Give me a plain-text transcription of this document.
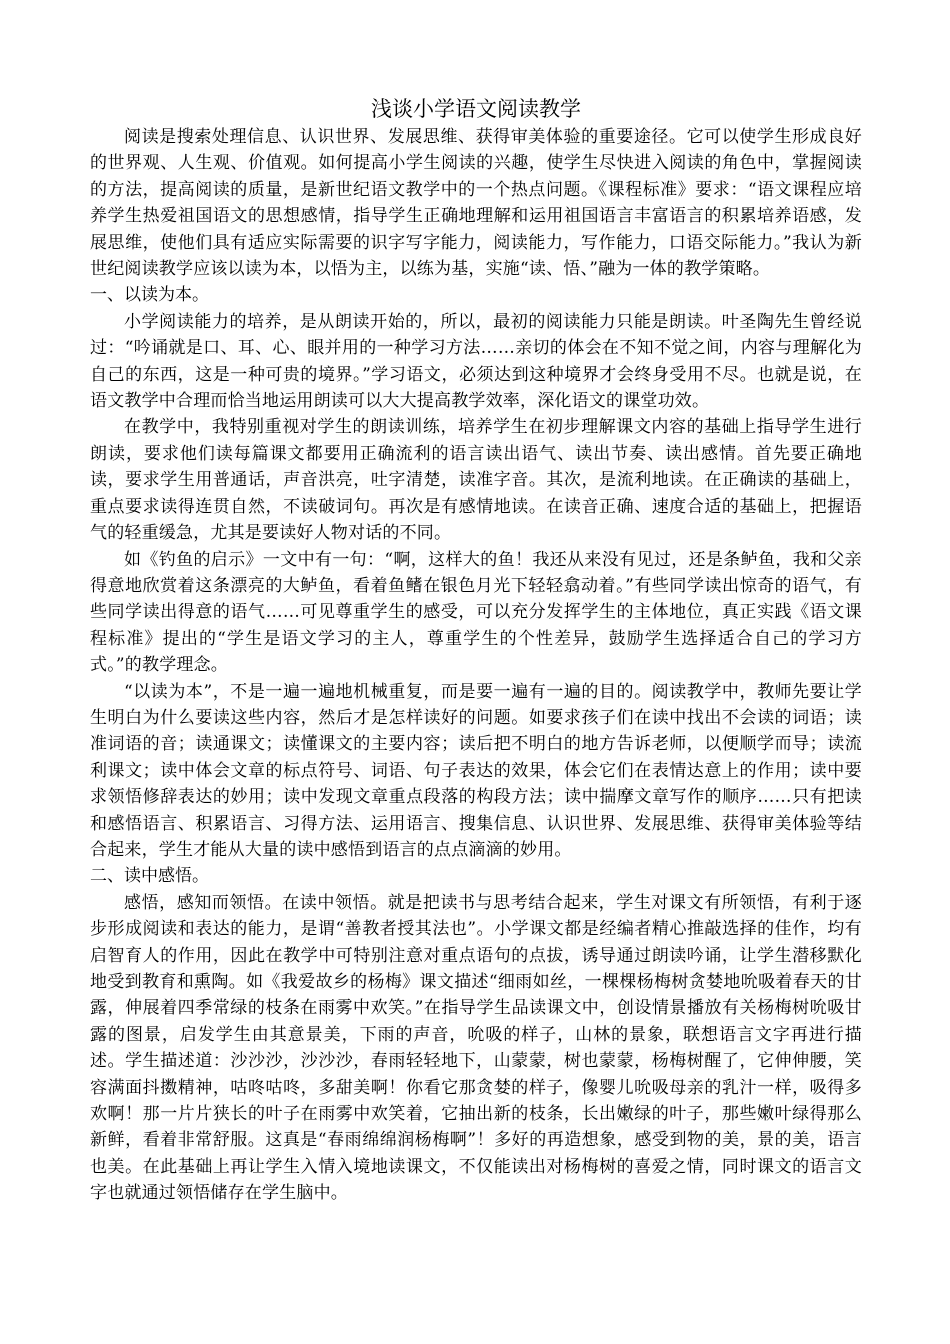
浅谈小学语文阅读教学

阅读是搜索处理信息、认识世界、发展思维、获得审美体验的重要途径。它可以使学生形成良好的世界观、人生观、价值观。如何提高小学生阅读的兴趣，使学生尽快进入阅读的角色中，掌握阅读的方法，提高阅读的质量，是新世纪语文教学中的一个热点问题。《课程标准》要求：“语文课程应培养学生热爱祖国语文的思想感情，指导学生正确地理解和运用祖国语言丰富语言的积累培养语感，发展思维，使他们具有适应实际需要的识字写字能力，阅读能力，写作能力，口语交际能力。”我认为新世纪阅读教学应该以读为本，以悟为主，以练为基，实施“读、悟、”融为一体的教学策略。

一、以读为本。

小学阅读能力的培养，是从朗读开始的，所以，最初的阅读能力只能是朗读。叶圣陶先生曾经说过：“吟诵就是口、耳、心、眼并用的一种学习方法……亲切的体会在不知不觉之间，内容与理解化为自己的东西，这是一种可贵的境界。”学习语文，必须达到这种境界才会终身受用不尽。也就是说，在语文教学中合理而恰当地运用朗读可以大大提高教学效率，深化语文的课堂功效。

在教学中，我特别重视对学生的朗读训练，培养学生在初步理解课文内容的基础上指导学生进行朗读，要求他们读每篇课文都要用正确流利的语言读出语气、读出节奏、读出感情。首先要正确地读，要求学生用普通话，声音洪亮，吐字清楚，读准字音。其次，是流利地读。在正确读的基础上，重点要求读得连贯自然，不读破词句。再次是有感情地读。在读音正确、速度合适的基础上，把握语气的轻重缓急，尤其是要读好人物对话的不同。

如《钓鱼的启示》一文中有一句：“啊，这样大的鱼！我还从来没有见过，还是条鲈鱼，我和父亲得意地欣赏着这条漂亮的大鲈鱼，看着鱼鳍在银色月光下轻轻翕动着。”有些同学读出惊奇的语气，有些同学读出得意的语气……可见尊重学生的感受，可以充分发挥学生的主体地位，真正实践《语文课程标准》提出的“学生是语文学习的主人，尊重学生的个性差异，鼓励学生选择适合自己的学习方式。”的教学理念。

“以读为本”，不是一遍一遍地机械重复，而是要一遍有一遍的目的。阅读教学中，教师先要让学生明白为什么要读这些内容，然后才是怎样读好的问题。如要求孩子们在读中找出不会读的词语；读准词语的音；读通课文；读懂课文的主要内容；读后把不明白的地方告诉老师，以便顺学而导；读流利课文；读中体会文章的标点符号、词语、句子表达的效果，体会它们在表情达意上的作用；读中要求领悟修辞表达的妙用；读中发现文章重点段落的构段方法；读中揣摩文章写作的顺序……只有把读和感悟语言、积累语言、习得方法、运用语言、搜集信息、认识世界、发展思维、获得审美体验等结合起来，学生才能从大量的读中感悟到语言的点点滴滴的妙用。

二、读中感悟。

感悟，感知而领悟。在读中领悟。就是把读书与思考结合起来，学生对课文有所领悟，有利于逐步形成阅读和表达的能力，是谓“善教者授其法也”。小学课文都是经编者精心推敲选择的佳作，均有启智育人的作用，因此在教学中可特别注意对重点语句的点拔，诱导通过朗读吟诵，让学生潜移默化地受到教育和熏陶。如《我爱故乡的杨梅》课文描述“细雨如丝，一棵棵杨梅树贪婪地吮吸着春天的甘露，伸展着四季常绿的枝条在雨雾中欢笑。”在指导学生品读课文中，创设情景播放有关杨梅树吮吸甘露的图景，启发学生由其意景美，下雨的声音，吮吸的样子，山林的景象，联想语言文字再进行描述。学生描述道：沙沙沙，沙沙沙，春雨轻轻地下，山蒙蒙，树也蒙蒙，杨梅树醒了，它伸伸腰，笑容满面抖擞精神，咕咚咕咚，多甜美啊！你看它那贪婪的样子，像婴儿吮吸母亲的乳汁一样，吸得多欢啊！那一片片狭长的叶子在雨雾中欢笑着，它抽出新的枝条，长出嫩绿的叶子，那些嫩叶绿得那么新鲜，看着非常舒服。这真是“春雨绵绵润杨梅啊”！多好的再造想象，感受到物的美，景的美，语言也美。在此基础上再让学生入情入境地读课文，不仅能读出对杨梅树的喜爱之情，同时课文的语言文字也就通过领悟储存在学生脑中。
